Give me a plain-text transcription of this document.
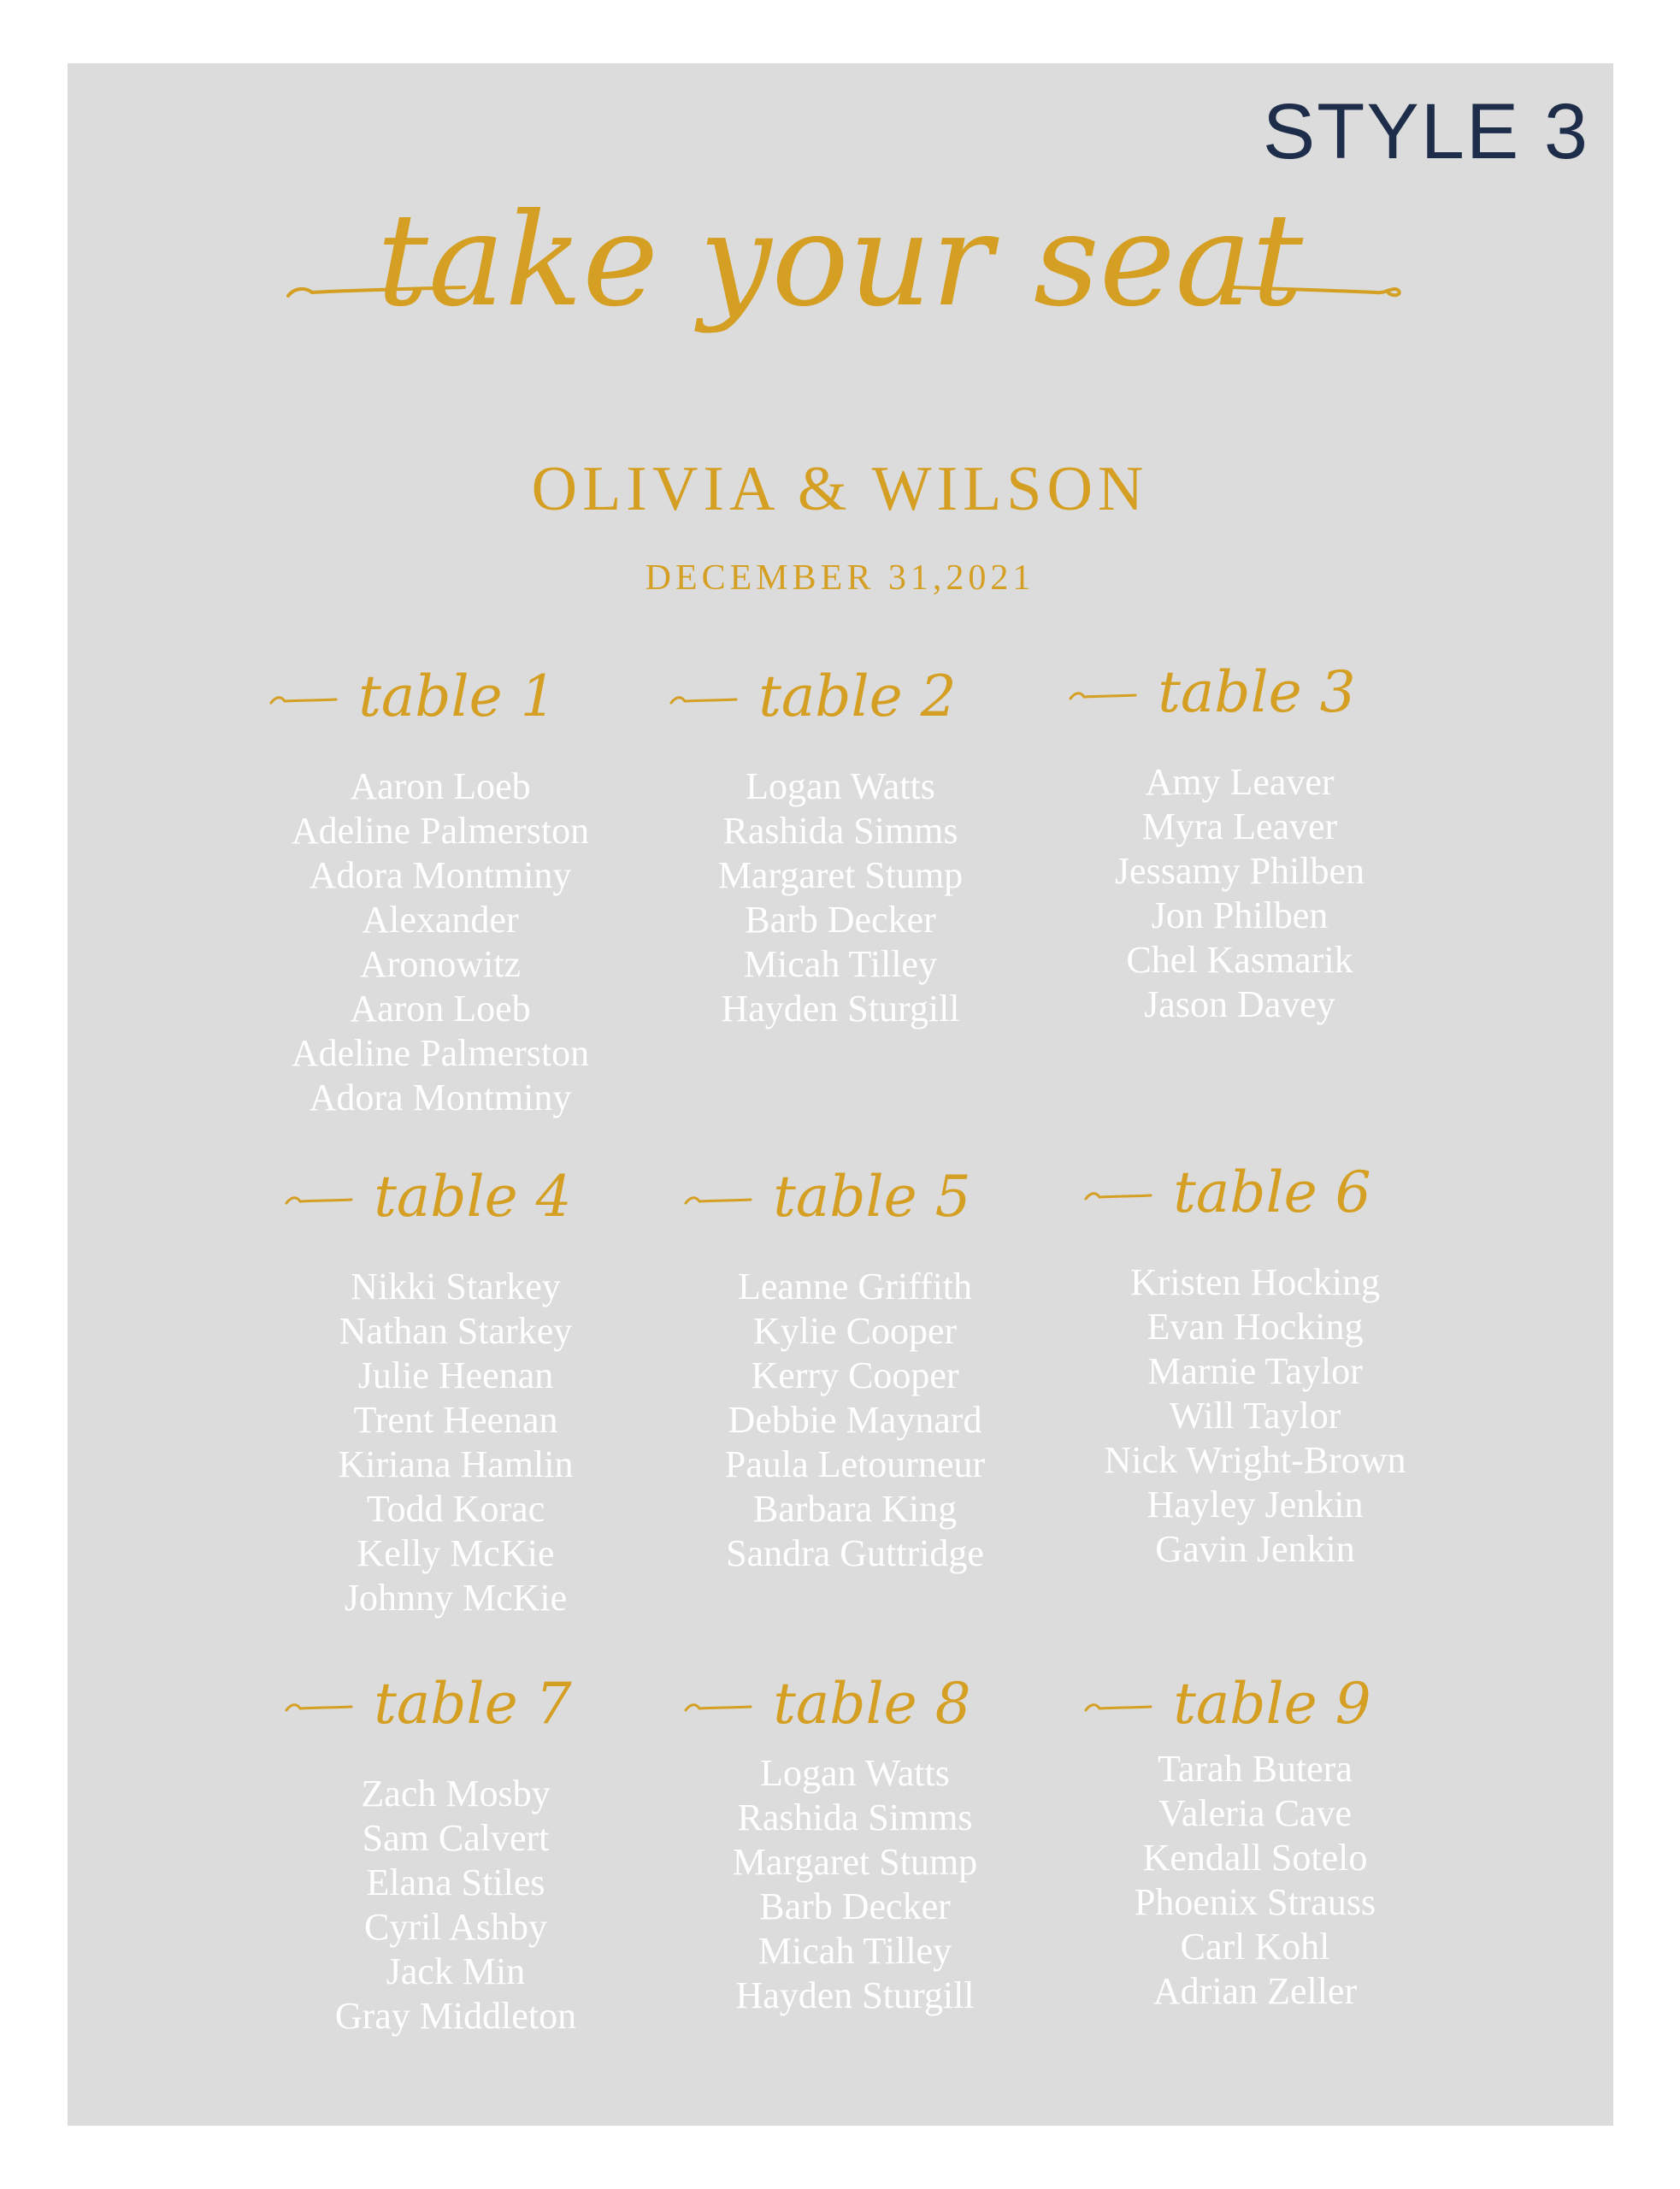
STYLE 3
take your seat
OLIVIA & WILSON
DECEMBER 31,2021
table 1
Aaron Loeb
Adeline Palmerston
Adora Montminy
Alexander
Aronowitz
Aaron Loeb
Adeline Palmerston
Adora Montminy
table 2
Logan Watts
Rashida Simms
Margaret Stump
Barb Decker
Micah Tilley
Hayden Sturgill
table 3
Amy Leaver
Myra Leaver
Jessamy Philben
Jon Philben
Chel Kasmarik
Jason Davey
table 4
Nikki Starkey
Nathan Starkey
Julie Heenan
Trent Heenan
Kiriana Hamlin
Todd Korac
Kelly McKie
Johnny McKie
table 5
Leanne Griffith
Kylie Cooper
Kerry Cooper
Debbie Maynard
Paula Letourneur
Barbara King
Sandra Guttridge
table 6
Kristen Hocking
Evan Hocking
Marnie Taylor
Will Taylor
Nick Wright-Brown
Hayley Jenkin
Gavin Jenkin
table 7
Zach Mosby
Sam Calvert
Elana Stiles
Cyril Ashby
Jack Min
Gray Middleton
table 8
Logan Watts
Rashida Simms
Margaret Stump
Barb Decker
Micah Tilley
Hayden Sturgill
table 9
Tarah Butera
Valeria Cave
Kendall Sotelo
Phoenix Strauss
Carl Kohl
Adrian Zeller
